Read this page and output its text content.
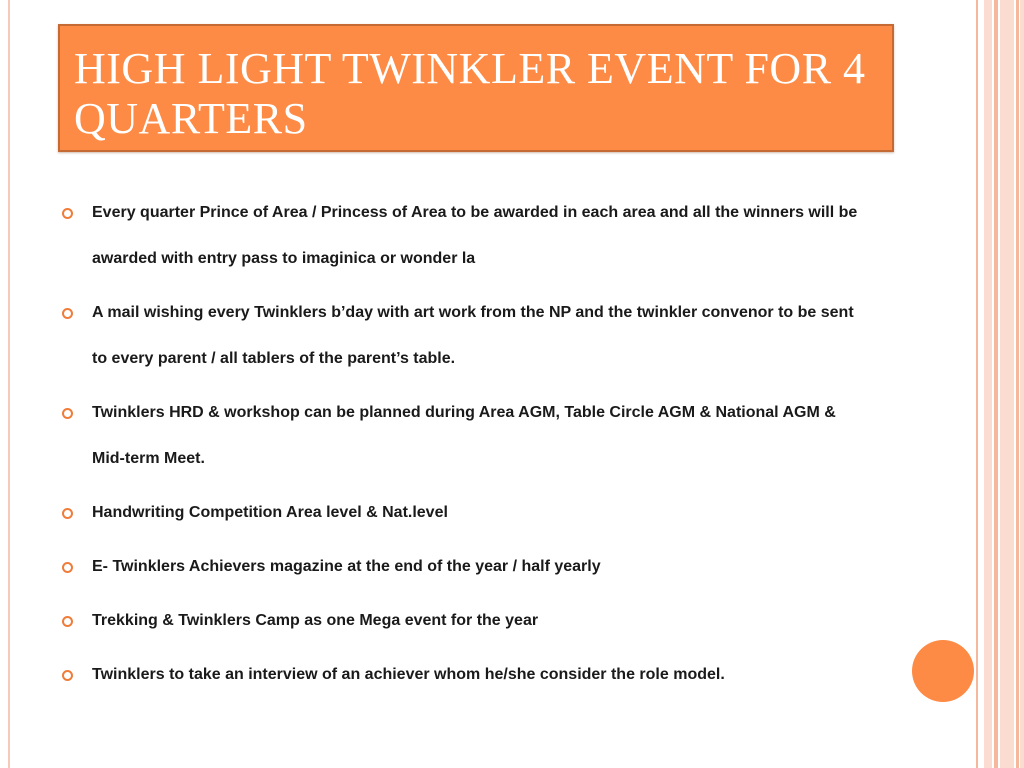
HIGH LIGHT TWINKLER EVENT FOR 4 QUARTERS
Every quarter Prince of Area / Princess of Area to be awarded in each area and all the winners will be awarded with entry pass to imaginica or wonder la
A mail wishing every Twinklers b’day with art work from the NP and the twinkler convenor to be sent to every parent / all tablers of the parent’s table.
Twinklers HRD & workshop can be planned during Area AGM, Table Circle AGM & National AGM & Mid-term Meet.
Handwriting Competition Area level & Nat.level
E- Twinklers Achievers magazine at the end of the year / half yearly
Trekking & Twinklers Camp as one Mega event for the year
Twinklers to take an interview of an achiever whom he/she consider the role model.
